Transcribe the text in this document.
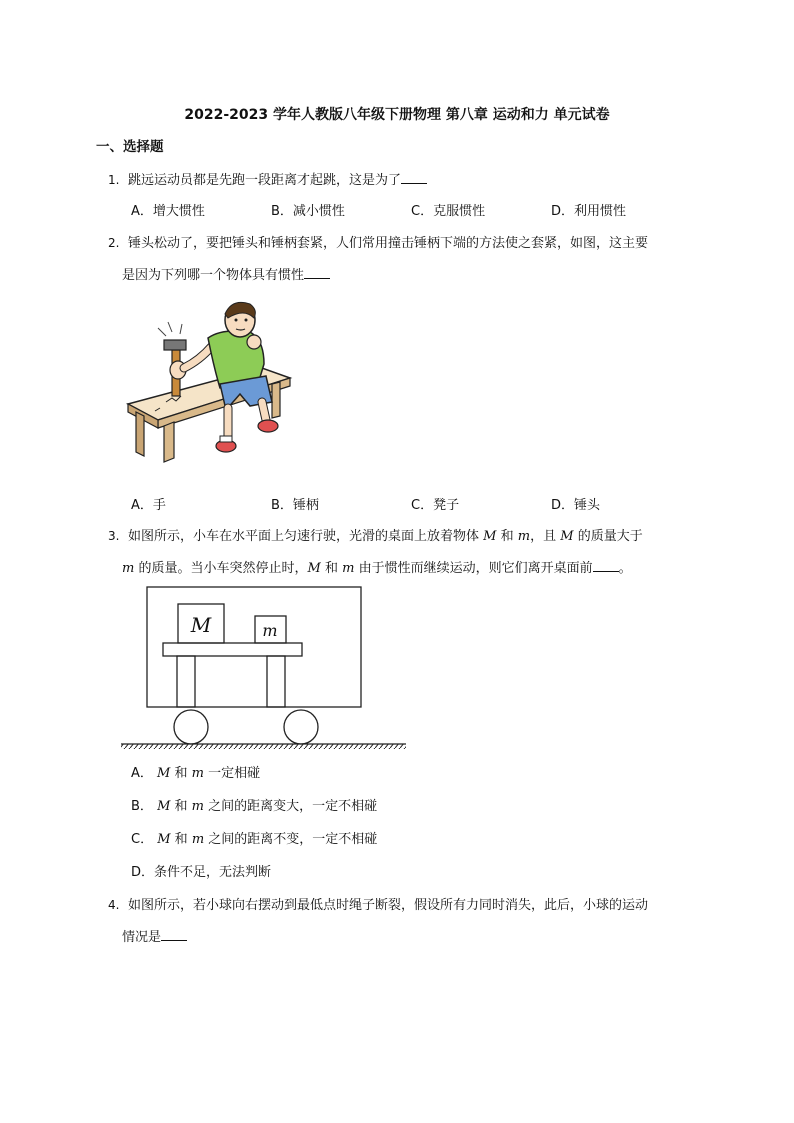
2022-2023 学年人教版八年级下册物理 第八章 运动和力 单元试卷
一、选择题
1. 跳远运动员都是先跑一段距离才起跳，这是为了
A．增大惯性	B．减小惯性	C．克服惯性	D．利用惯性
2. 锤头松动了，要把锤头和锤柄套紧，人们常用撞击锤柄下端的方法使之套紧，如图，这主要
是因为下列哪一个物体具有惯性
A．手	B．锤柄	C．凳子	D．锤头
3. 如图所示，小车在水平面上匀速行驶，光滑的桌面上放着物体 M 和 m，且 M 的质量大于
m 的质量。当小车突然停止时，M 和 m 由于惯性而继续运动，则它们离开桌面前 。
M	m
A． M 和 m 一定相碰
B． M 和 m 之间的距离变大，一定不相碰
C． M 和 m 之间的距离不变，一定不相碰
D．条件不足，无法判断
4. 如图所示，若小球向右摆动到最低点时绳子断裂，假设所有力同时消失，此后，小球的运动
情况是
